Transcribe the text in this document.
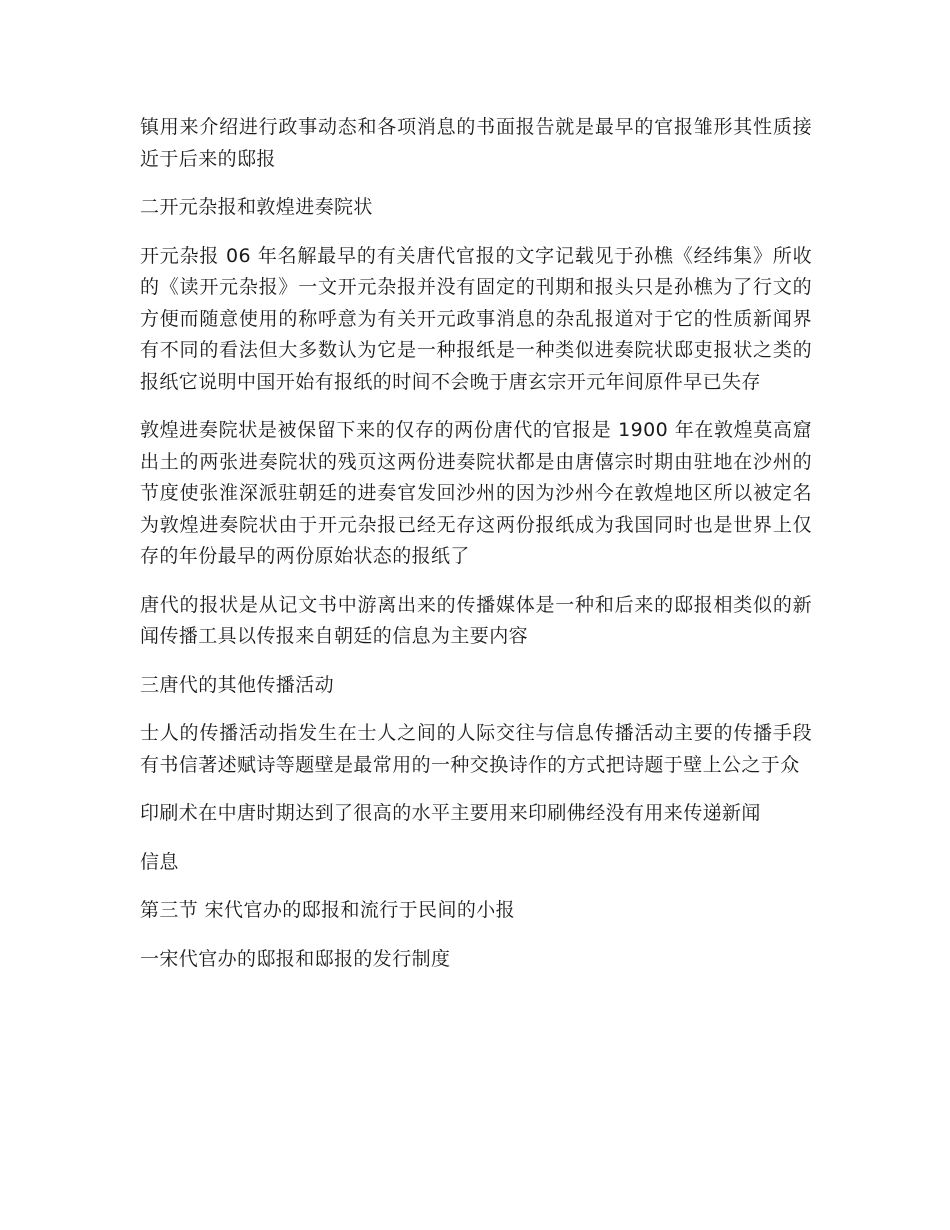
镇用来介绍进行政事动态和各项消息的书面报告就是最早的官报雏形其性质接近于后来的邸报

二开元杂报和敦煌进奏院状

开元杂报 06 年名解最早的有关唐代官报的文字记载见于孙樵《经纬集》所收的《读开元杂报》一文开元杂报并没有固定的刊期和报头只是孙樵为了行文的方便而随意使用的称呼意为有关开元政事消息的杂乱报道对于它的性质新闻界有不同的看法但大多数认为它是一种报纸是一种类似进奏院状邸吏报状之类的报纸它说明中国开始有报纸的时间不会晚于唐玄宗开元年间原件早已失存

敦煌进奏院状是被保留下来的仅存的两份唐代的官报是 1900 年在敦煌莫高窟出土的两张进奏院状的残页这两份进奏院状都是由唐僖宗时期由驻地在沙州的节度使张淮深派驻朝廷的进奏官发回沙州的因为沙州今在敦煌地区所以被定名为敦煌进奏院状由于开元杂报已经无存这两份报纸成为我国同时也是世界上仅存的年份最早的两份原始状态的报纸了

唐代的报状是从记文书中游离出来的传播媒体是一种和后来的邸报相类似的新闻传播工具以传报来自朝廷的信息为主要内容

三唐代的其他传播活动

士人的传播活动指发生在士人之间的人际交往与信息传播活动主要的传播手段有书信著述赋诗等题壁是最常用的一种交换诗作的方式把诗题于壁上公之于众

印刷术在中唐时期达到了很高的水平主要用来印刷佛经没有用来传递新闻

信息

第三节 宋代官办的邸报和流行于民间的小报

一宋代官办的邸报和邸报的发行制度
